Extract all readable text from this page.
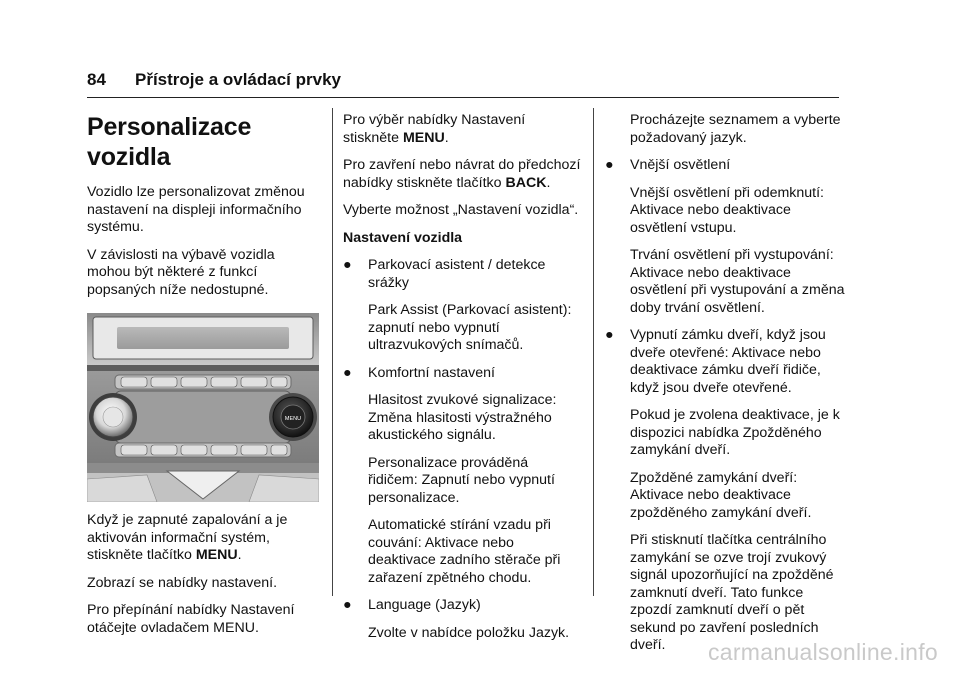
84 Přístroje a ovládací prvky
Personalizace vozidla

Vozidlo lze personalizovat změnou nastavení na displeji informačního systému.

V závislosti na výbavě vozidla mohou být některé z funkcí popsaných níže nedostupné.

MENU

Když je zapnuté zapalování a je aktivován informační systém, stiskněte tlačítko MENU.

Zobrazí se nabídky nastavení.

Pro přepínání nabídky Nastavení otáčejte ovladačem MENU.

Pro výběr nabídky Nastavení stiskněte MENU.

Pro zavření nebo návrat do předchozí nabídky stiskněte tlačítko BACK.

Vyberte možnost „Nastavení vozidla“.

Nastavení vozidla

● Parkovací asistent / detekce srážky

Park Assist (Parkovací asistent): zapnutí nebo vypnutí ultrazvukových snímačů.

● Komfortní nastavení

Hlasitost zvukové signalizace: Změna hlasitosti výstražného akustického signálu.

Personalizace prováděná řidičem: Zapnutí nebo vypnutí personalizace.

Automatické stírání vzadu při couvání: Aktivace nebo deaktivace zadního stěrače při zařazení zpětného chodu.

● Language (Jazyk)

Zvolte v nabídce položku Jazyk.

Procházejte seznamem a vyberte požadovaný jazyk.

● Vnější osvětlení

Vnější osvětlení při odemknutí: Aktivace nebo deaktivace osvětlení vstupu.

Trvání osvětlení při vystupování: Aktivace nebo deaktivace osvětlení při vystupování a změna doby trvání osvětlení.

● Vypnutí zámku dveří, když jsou dveře otevřené: Aktivace nebo deaktivace zámku dveří řidiče, když jsou dveře otevřené.

Pokud je zvolena deaktivace, je k dispozici nabídka Zpožděného zamykání dveří.

Zpožděné zamykání dveří: Aktivace nebo deaktivace zpožděného zamykání dveří.

Při stisknutí tlačítka centrálního zamykání se ozve trojí zvukový signál upozorňující na zpožděné zamknutí dveří. Tato funkce zpozdí zamknutí dveří o pět sekund po zavření posledních dveří.	carmanualsonline.info
